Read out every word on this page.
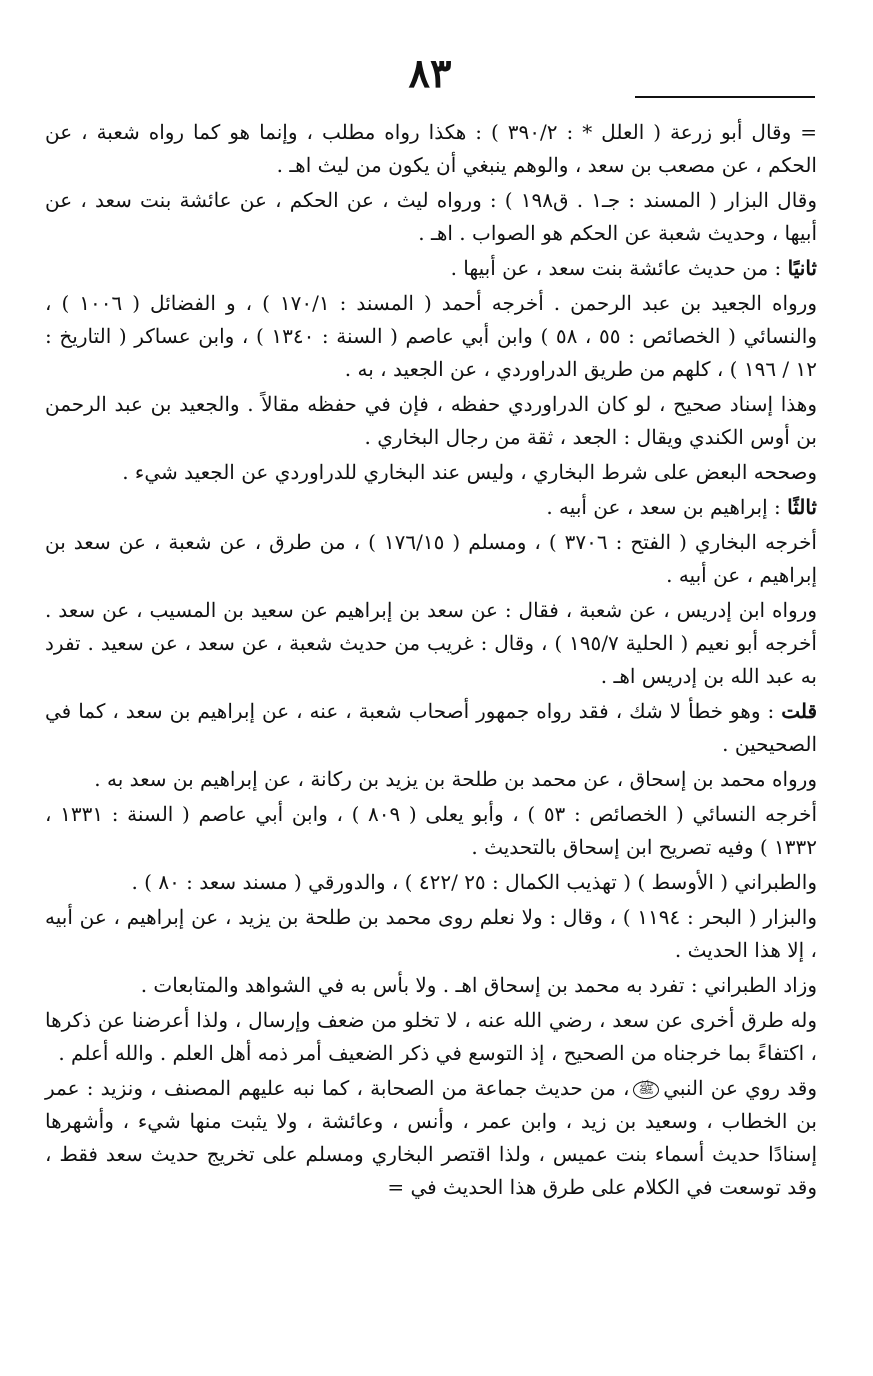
٨٣

= وقال أبو زرعة ( العلل * : ٣٩٠/٢ ) : هكذا رواه مطلب ، وإنما هو كما رواه شعبة ، عن الحكم ، عن مصعب بن سعد ، والوهم ينبغي أن يكون من ليث اهـ .

وقال البزار ( المسند : جـ١ . ق١٩٨ ) : ورواه ليث ، عن الحكم ، عن عائشة بنت سعد ، عن أبيها ، وحديث شعبة عن الحكم هو الصواب . اهـ .

ثانيًا : من حديث عائشة بنت سعد ، عن أبيها .

ورواه الجعيد بن عبد الرحمن . أخرجه أحمد ( المسند : ١٧٠/١ ) ، و الفضائل ( ١٠٠٦ ) ، والنسائي ( الخصائص : ٥٥ ، ٥٨ ) وابن أبي عاصم ( السنة : ١٣٤٠ ) ، وابن عساكر ( التاريخ : ١٢ / ١٩٦ ) ، كلهم من طريق الدراوردي ، عن الجعيد ، به .

وهذا إسناد صحيح ، لو كان الدراوردي حفظه ، فإن في حفظه مقالاً . والجعيد بن عبد الرحمن بن أوس الكندي ويقال : الجعد ، ثقة من رجال البخاري .

وصححه البعض على شرط البخاري ، وليس عند البخاري للدراوردي عن الجعيد شيء .

ثالثًا : إبراهيم بن سعد ، عن أبيه .

أخرجه البخاري ( الفتح : ٣٧٠٦ ) ، ومسلم ( ١٧٦/١٥ ) ، من طرق ، عن شعبة ، عن سعد بن إبراهيم ، عن أبيه .

ورواه ابن إدريس ، عن شعبة ، فقال : عن سعد بن إبراهيم عن سعيد بن المسيب ، عن سعد . أخرجه أبو نعيم ( الحلية ١٩٥/٧ ) ، وقال : غريب من حديث شعبة ، عن سعد ، عن سعيد . تفرد به عبد الله بن إدريس اهـ .

قلت : وهو خطأ لا شك ، فقد رواه جمهور أصحاب شعبة ، عنه ، عن إبراهيم بن سعد ، كما في الصحيحين .

ورواه محمد بن إسحاق ، عن محمد بن طلحة بن يزيد بن ركانة ، عن إبراهيم بن سعد به .

أخرجه النسائي ( الخصائص : ٥٣ ) ، وأبو يعلى ( ٨٠٩ ) ، وابن أبي عاصم ( السنة : ١٣٣١ ، ١٣٣٢ ) وفيه تصريح ابن إسحاق بالتحديث .

والطبراني ( الأوسط ) ( تهذيب الكمال : ٢٥ /٤٢٢ ) ، والدورقي ( مسند سعد : ٨٠ ) .

والبزار ( البحر : ١١٩٤ ) ، وقال : ولا نعلم روى محمد بن طلحة بن يزيد ، عن إبراهيم ، عن أبيه ، إلا هذا الحديث .

وزاد الطبراني : تفرد به محمد بن إسحاق اهـ . ولا بأس به في الشواهد والمتابعات .

وله طرق أخرى عن سعد ، رضي الله عنه ، لا تخلو من ضعف وإرسال ، ولذا أعرضنا عن ذكرها ، اكتفاءً بما خرجناه من الصحيح ، إذ التوسع في ذكر الضعيف أمر ذمه أهل العلم . والله أعلم .

وقد روي عن النبيﷺ، من حديث جماعة من الصحابة ، كما نبه عليهم المصنف ، ونزيد : عمر بن الخطاب ، وسعيد بن زيد ، وابن عمر ، وأنس ، وعائشة ، ولا يثبت منها شيء ، وأشهرها إسنادًا حديث أسماء بنت عميس ، ولذا اقتصر البخاري ومسلم على تخريج حديث سعد فقط ، وقد توسعت في الكلام على طرق هذا الحديث في =
